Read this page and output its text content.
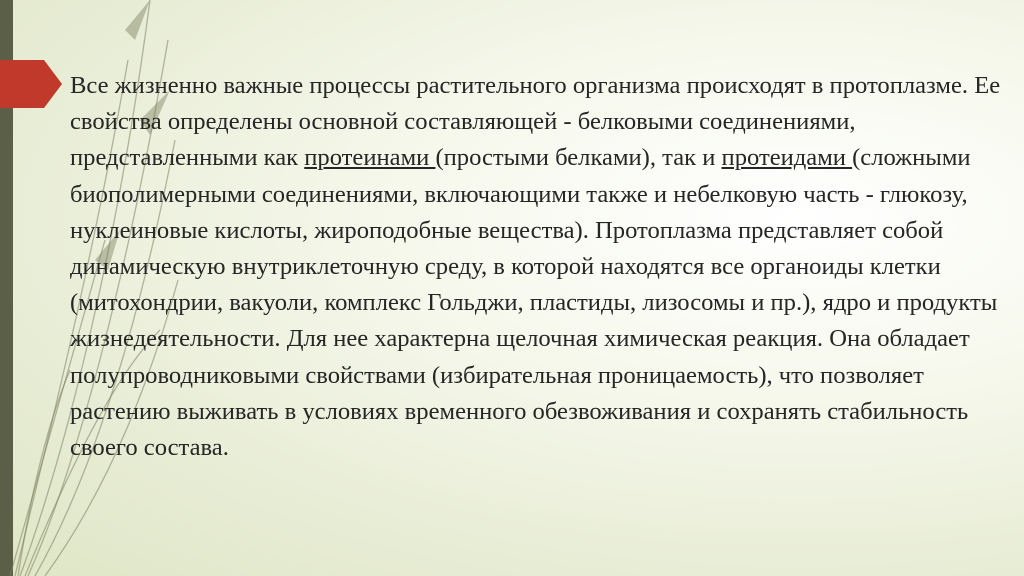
Все жизненно важные процессы растительного организма происходят в протоплазме. Ее свойства определены основной составляющей - белковыми соединениями, представленными как протеинами (простыми белками), так и протеидами (сложными биополимерными соединениями, включающими также и небелковую часть - глюкозу, нуклеиновые кислоты, жироподобные вещества). Протоплазма представляет собой динамическую внутриклеточную среду, в которой находятся все органоиды клетки (митохондрии, вакуоли, комплекс Гольджи, пластиды, лизосомы и пр.), ядро и продукты жизнедеятельности. Для нее характерна щелочная химическая реакция. Она обладает полупроводниковыми свойствами (избирательная проницаемость), что позволяет растению выживать в условиях временного обезвоживания и сохранять стабильность своего состава.
